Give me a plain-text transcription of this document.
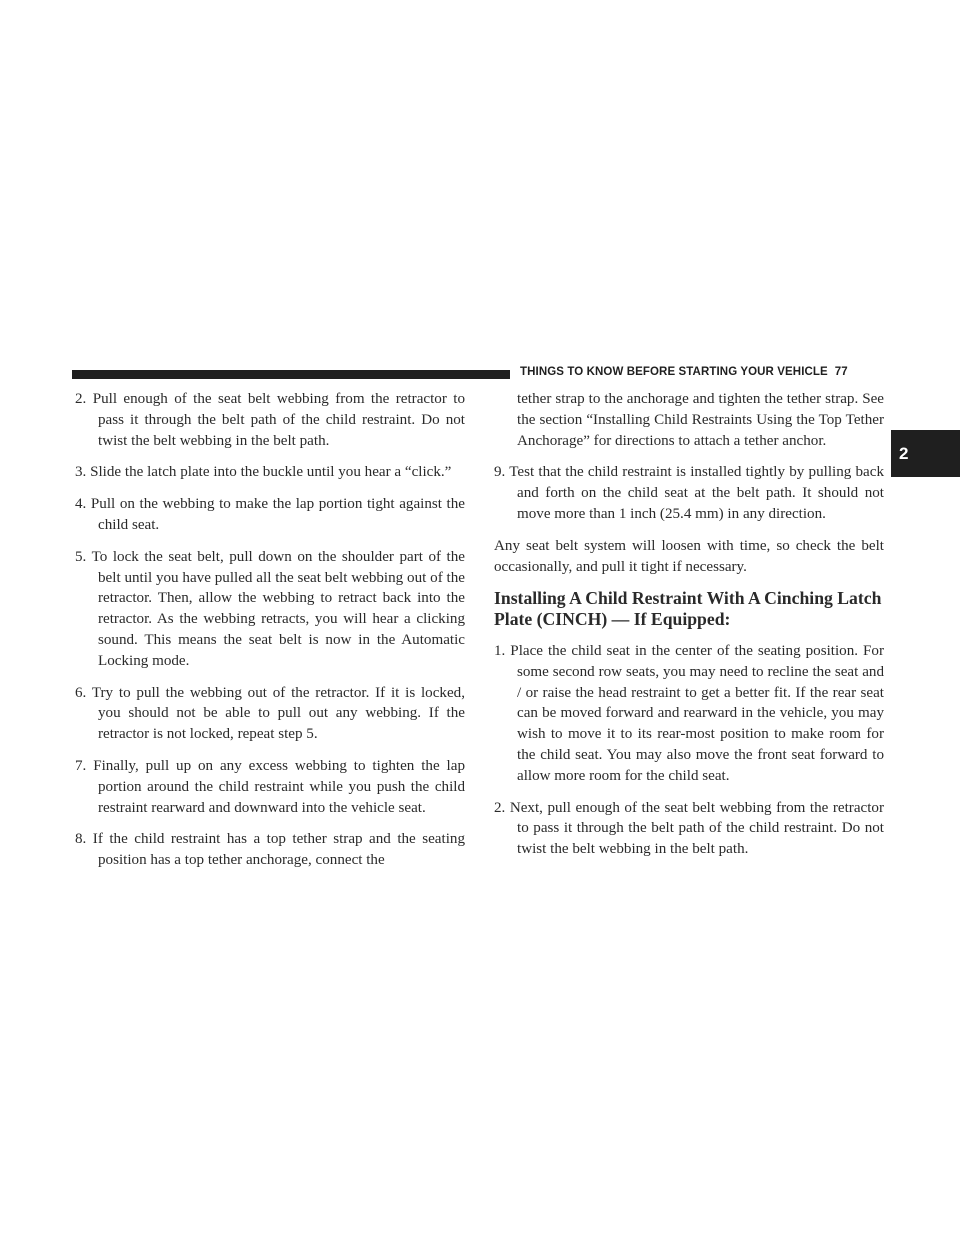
THINGS TO KNOW BEFORE STARTING YOUR VEHICLE 77
2

2. Pull enough of the seat belt webbing from the retractor to pass it through the belt path of the child restraint. Do not twist the belt webbing in the belt path.

3. Slide the latch plate into the buckle until you hear a “click.”

4. Pull on the webbing to make the lap portion tight against the child seat.

5. To lock the seat belt, pull down on the shoulder part of the belt until you have pulled all the seat belt webbing out of the retractor. Then, allow the webbing to retract back into the retractor. As the webbing retracts, you will hear a clicking sound. This means the seat belt is now in the Automatic Locking mode.

6. Try to pull the webbing out of the retractor. If it is locked, you should not be able to pull out any webbing. If the retractor is not locked, repeat step 5.

7. Finally, pull up on any excess webbing to tighten the lap portion around the child restraint while you push the child restraint rearward and downward into the vehicle seat.

8. If the child restraint has a top tether strap and the seating position has a top tether anchorage, connect the

tether strap to the anchorage and tighten the tether strap. See the section “Installing Child Restraints Using the Top Tether Anchorage” for directions to attach a tether anchor.

9. Test that the child restraint is installed tightly by pulling back and forth on the child seat at the belt path. It should not move more than 1 inch (25.4 mm) in any direction.

Any seat belt system will loosen with time, so check the belt occasionally, and pull it tight if necessary.

Installing A Child Restraint With A Cinching Latch Plate (CINCH) — If Equipped:

1. Place the child seat in the center of the seating position. For some second row seats, you may need to recline the seat and / or raise the head restraint to get a better fit. If the rear seat can be moved forward and rearward in the vehicle, you may wish to move it to its rear-most position to make room for the child seat. You may also move the front seat forward to allow more room for the child seat.

2. Next, pull enough of the seat belt webbing from the retractor to pass it through the belt path of the child restraint. Do not twist the belt webbing in the belt path.
